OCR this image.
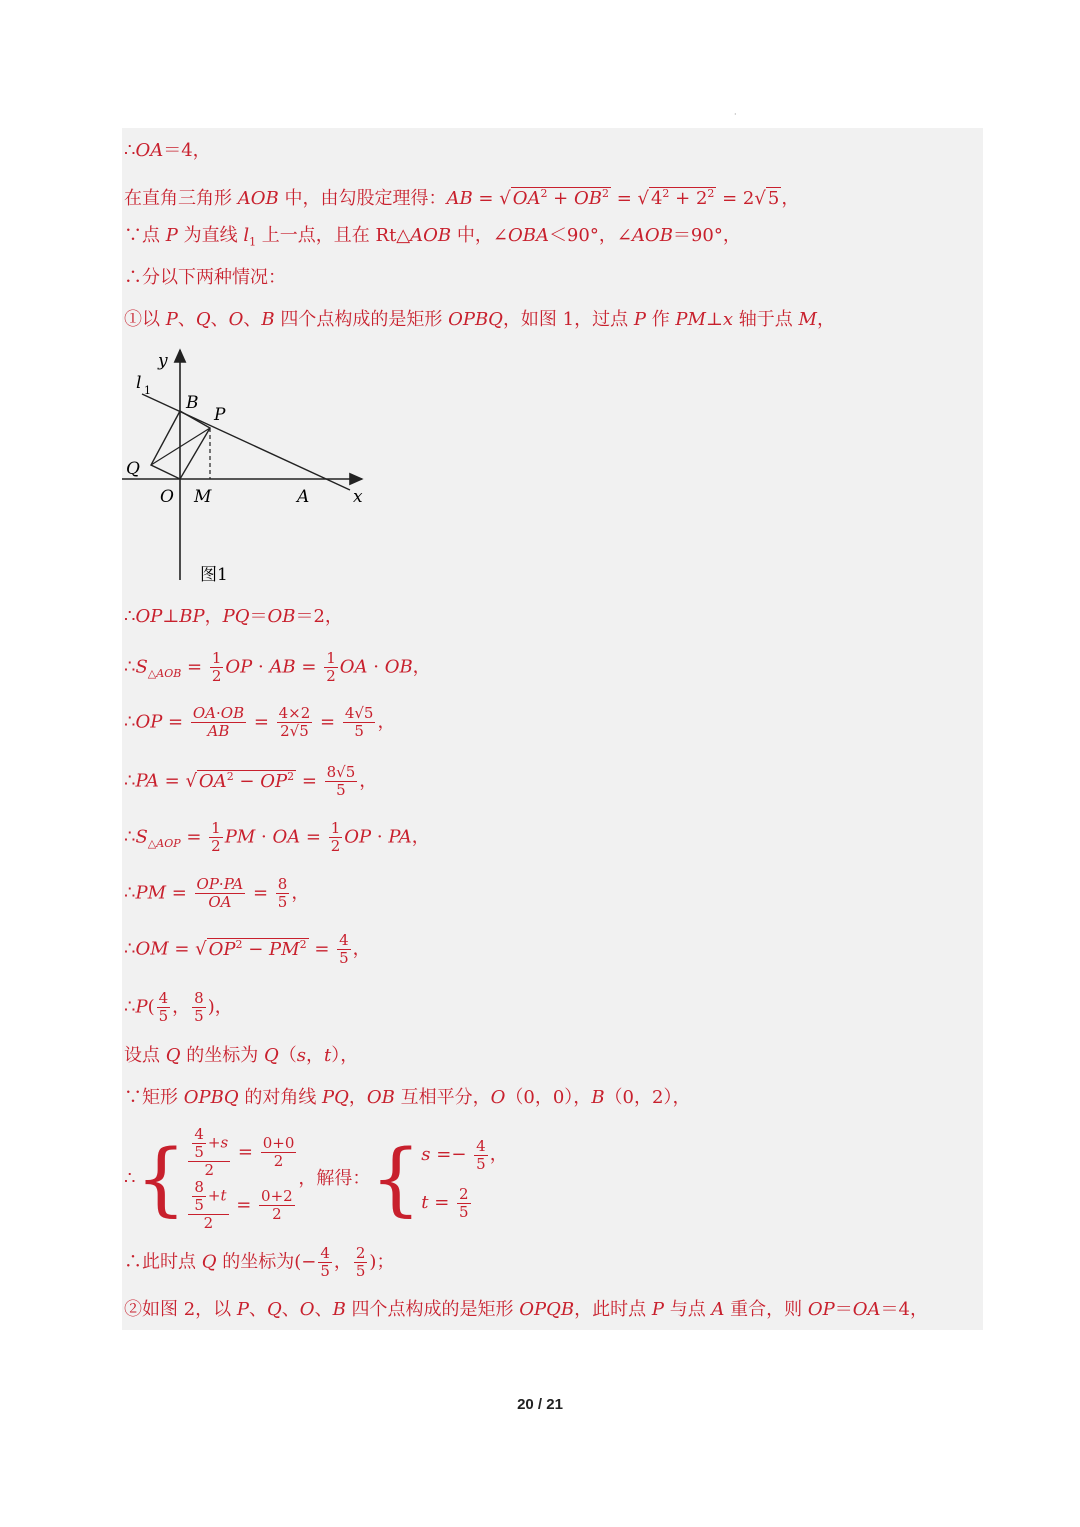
·
∴OA＝4，
在直角三角形 AOB 中，由勾股定理得：AB = √ $OA^2 + OB^2$ = √ $4^2 + 2^2 = 2√$ 5 ，
∵点 P 为直线 $l_1$ 上一点，且在 Rt△AOB 中，∠OBA＜90°，∠AOB＝90°，
∴分以下两种情况：
①以 P、Q、O、B 四个点构成的是矩形 OPBQ，如图 1，过点 P 作 PM⊥x 轴于点 M，
y
x
l 1
B
P
Q
O M	A
图1
∴OP⊥BP，PQ＝OB＝2，
$\therefore S_{\triangle AOB} = \frac{1}{2}$ OP · AB = $\frac{1}{2}$ OA · OB，
∴OP = $\frac{OA\cdot OB}{AB} = \frac{4\times 2}{2√5} = \frac{4√5}{5}$ ，
∴PA = √ $OA^2 - OP^2 = \frac{8√5}{5}$ ，
$\therefore S_{\triangle AOP} = \frac{1}{2}$ PM · OA = $\frac{1}{2}$ OP · PA，
∴PM = $\frac{OP\cdot PA}{OA} = \frac{8}{5}$ ，
∴OM = √ $OP^2 - PM^2 = \frac{4}{5}$ ，
∴P( $\frac{4}{5}$ ， $\frac{8}{5}$ )，
设点 Q 的坐标为 Q（s，t），
∵矩形 OPBQ 的对角线 PQ，OB 互相平分，O（0，0），B（0，2），
∴{ $\frac{\frac{4}{5} +s}{2} = \frac{0+0}{2}$
$\frac{\frac{8}{5} +t}{2} = \frac{0+2}{2}$
，解得：{ $s =- \frac{4}{5}$ ，
$t = \frac{2}{5}$
∴此时点 Q 的坐标为(− $\frac{4}{5}$ ， $\frac{2}{5}$ )；
②如图 2，以 P、Q、O、B 四个点构成的是矩形 OPQB，此时点 P 与点 A 重合，则 OP＝OA＝4，
20 / 21
